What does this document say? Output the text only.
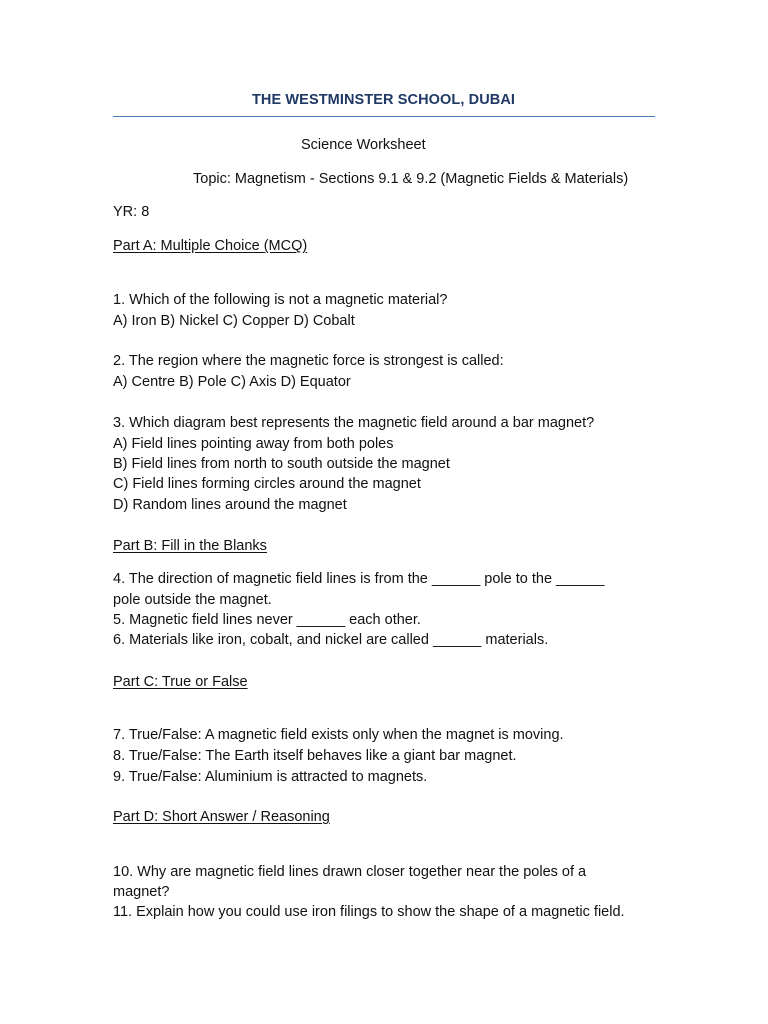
THE WESTMINSTER SCHOOL, DUBAI
Science Worksheet
Topic: Magnetism - Sections 9.1 & 9.2 (Magnetic Fields & Materials)
YR: 8
Part A: Multiple Choice (MCQ)
1. Which of the following is not a magnetic material?
A) Iron B) Nickel C) Copper D) Cobalt
2. The region where the magnetic force is strongest is called:
A) Centre B) Pole C) Axis D) Equator
3. Which diagram best represents the magnetic field around a bar magnet?
A) Field lines pointing away from both poles
B) Field lines from north to south outside the magnet
C) Field lines forming circles around the magnet
D) Random lines around the magnet
Part B: Fill in the Blanks
4. The direction of magnetic field lines is from the ______ pole to the ______
pole outside the magnet.
5. Magnetic field lines never ______ each other.
6. Materials like iron, cobalt, and nickel are called ______ materials.
Part C: True or False
7. True/False: A magnetic field exists only when the magnet is moving.
8. True/False: The Earth itself behaves like a giant bar magnet.
9. True/False: Aluminium is attracted to magnets.
Part D: Short Answer / Reasoning
10. Why are magnetic field lines drawn closer together near the poles of a
magnet?
11. Explain how you could use iron filings to show the shape of a magnetic field.
